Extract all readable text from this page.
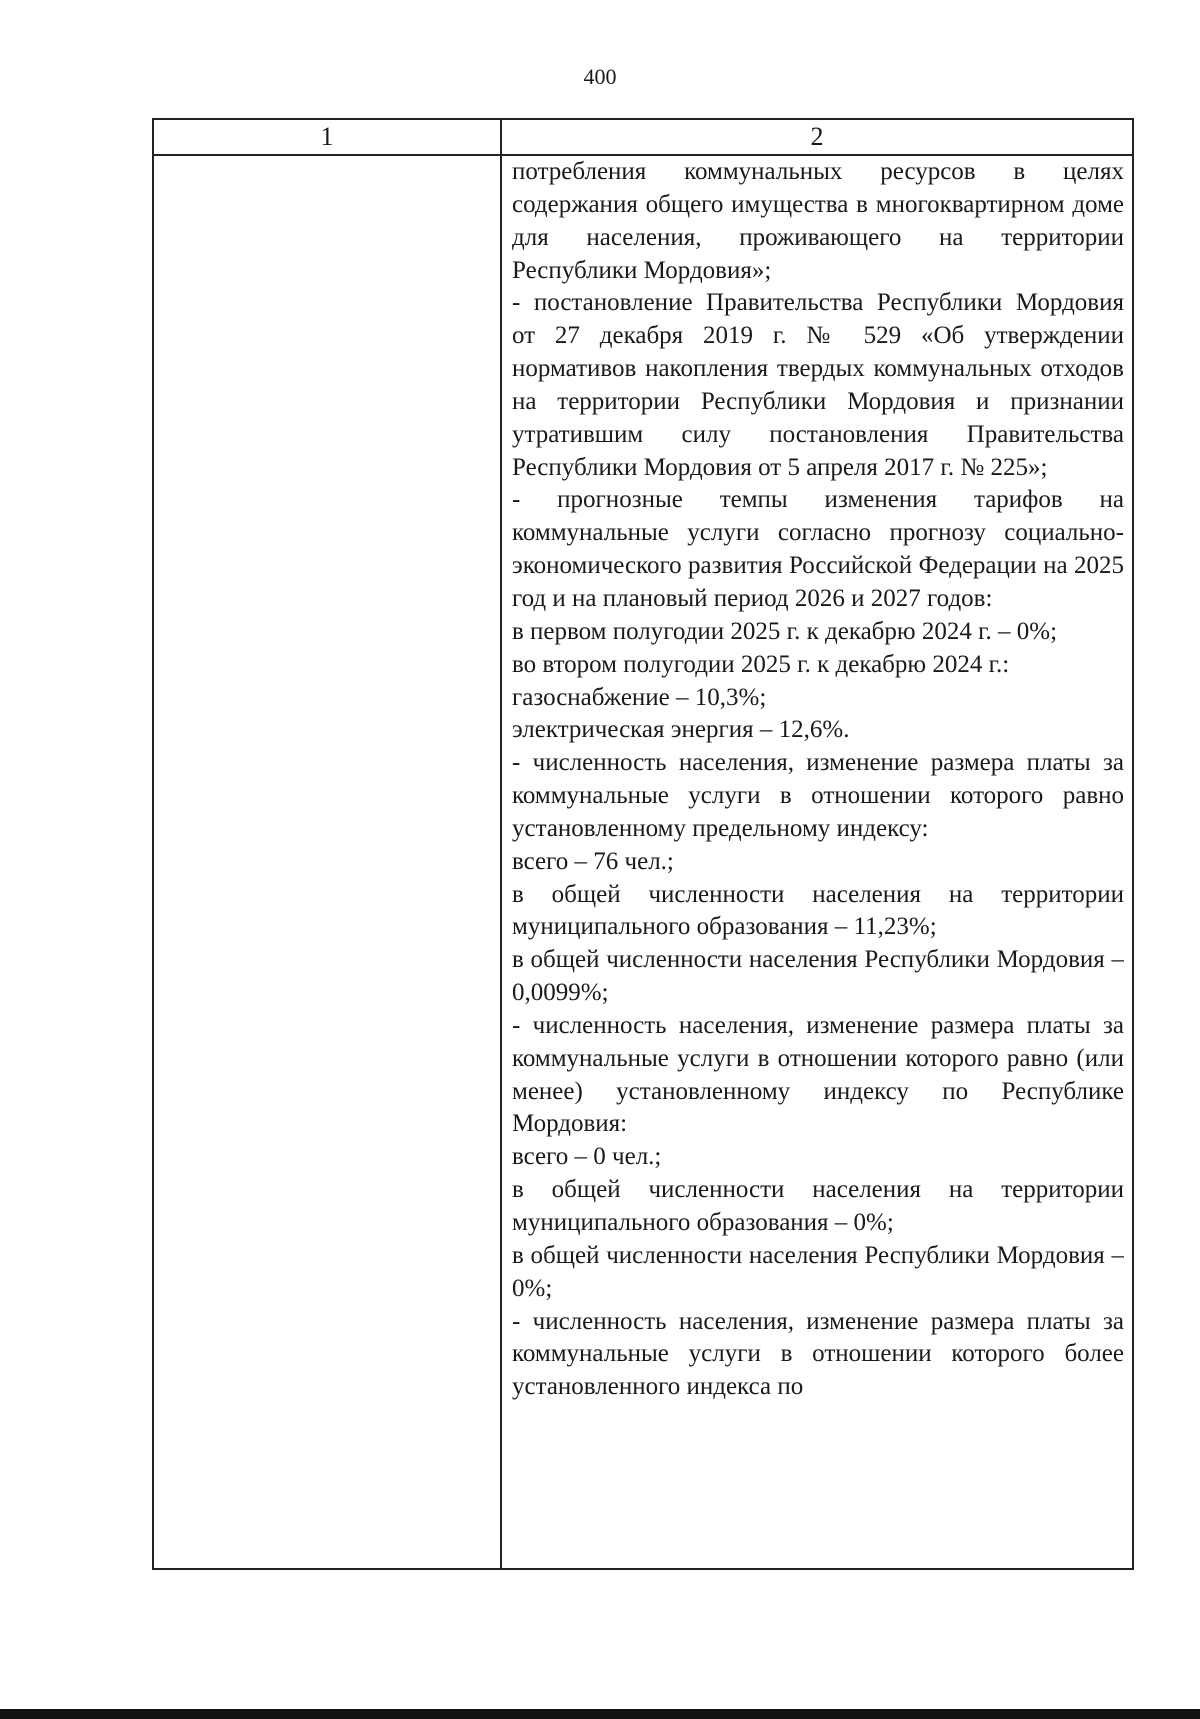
400
1	2

потребления коммунальных ресурсов в целях содержания общего имущества в многоквартирном доме для населения, проживающего на территории Республики Мордовия»;

- постановление Правительства Республики Мордовия от 27 декабря 2019 г. № 529 «Об утверждении нормативов накопления твердых коммунальных отходов на территории Республики Мордовия и признании утратившим силу постановления Правительства Республики Мордовия от 5 апреля 2017 г. № 225»;

- прогнозные темпы изменения тарифов на коммунальные услуги согласно прогнозу социально-экономического развития Российской Федерации на 2025 год и на плановый период 2026 и 2027 годов:

в первом полугодии 2025 г. к декабрю 2024 г. – 0%;

во втором полугодии 2025 г. к декабрю 2024 г.:

газоснабжение – 10,3%;

электрическая энергия – 12,6%.

- численность населения, изменение размера платы за коммунальные услуги в отношении которого равно установленному предельному индексу:

всего – 76 чел.;

в общей численности населения на территории муниципального образования – 11,23%;

в общей численности населения Республики Мордовия – 0,0099%;

- численность населения, изменение размера платы за коммунальные услуги в отношении которого равно (или менее) установленному индексу по Республике Мордовия:

всего – 0 чел.;

в общей численности населения на территории муниципального образования – 0%;

в общей численности населения Республики Мордовия – 0%;

- численность населения, изменение размера платы за коммунальные услуги в отношении которого более установленного индекса по
